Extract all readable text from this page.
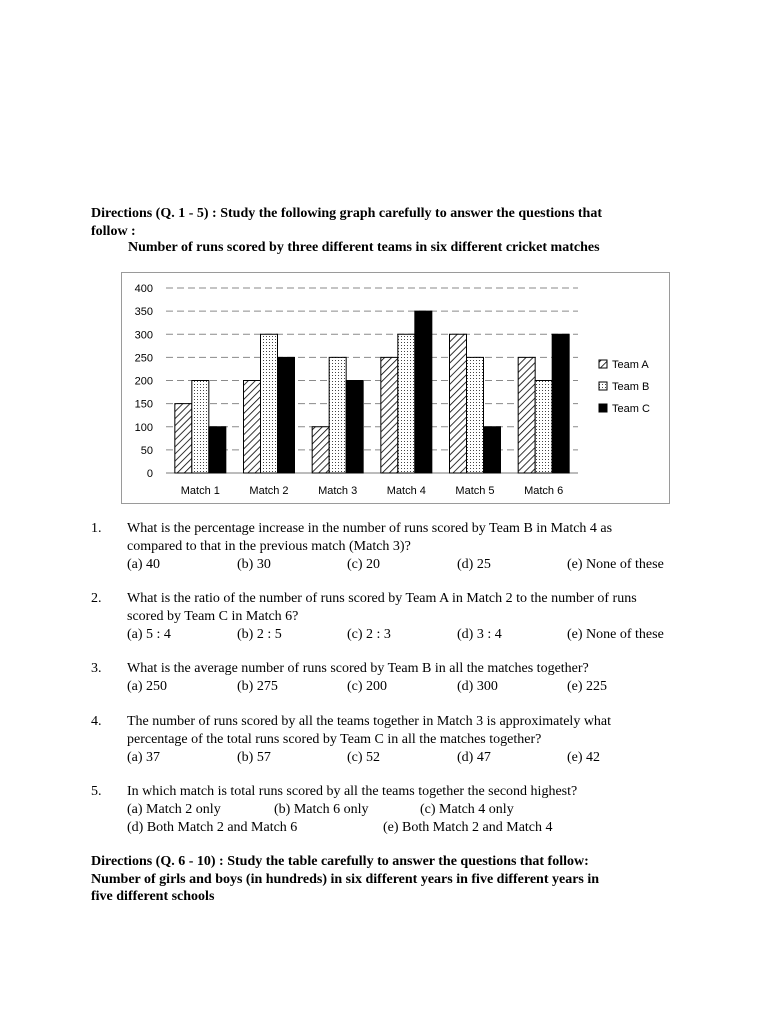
Directions (Q. 1 - 5) : Study the following graph carefully to answer the questions that
follow :
Number of runs scored by three different teams in six different cricket matches
0
50
100
150
200
250
300
350
400
Match 1	Match 2	Match 3	Match 4	Match 5	Match 6
Team A
Team B
Team C
1. What is the percentage increase in the number of runs scored by Team B in Match 4 as
compared to that in the previous match (Match 3)?
(a) 40	(b) 30	(c) 20	(d) 25	(e) None of these
2. What is the ratio of the number of runs scored by Team A in Match 2 to the number of runs
scored by Team C in Match 6?
(a) 5 : 4	(b) 2 : 5	(c) 2 : 3	(d) 3 : 4	(e) None of these
3. What is the average number of runs scored by Team B in all the matches together?
(a) 250	(b) 275	(c) 200	(d) 300	(e) 225
4. The number of runs scored by all the teams together in Match 3 is approximately what
percentage of the total runs scored by Team C in all the matches together?
(a) 37	(b) 57	(c) 52	(d) 47	(e) 42
5. In which match is total runs scored by all the teams together the second highest?
(a) Match 2 only	(b) Match 6 only	(c) Match 4 only
(d) Both Match 2 and Match 6	(e) Both Match 2 and Match 4
Directions (Q. 6 - 10) : Study the table carefully to answer the questions that follow:
Number of girls and boys (in hundreds) in six different years in five different years in
five different schools
